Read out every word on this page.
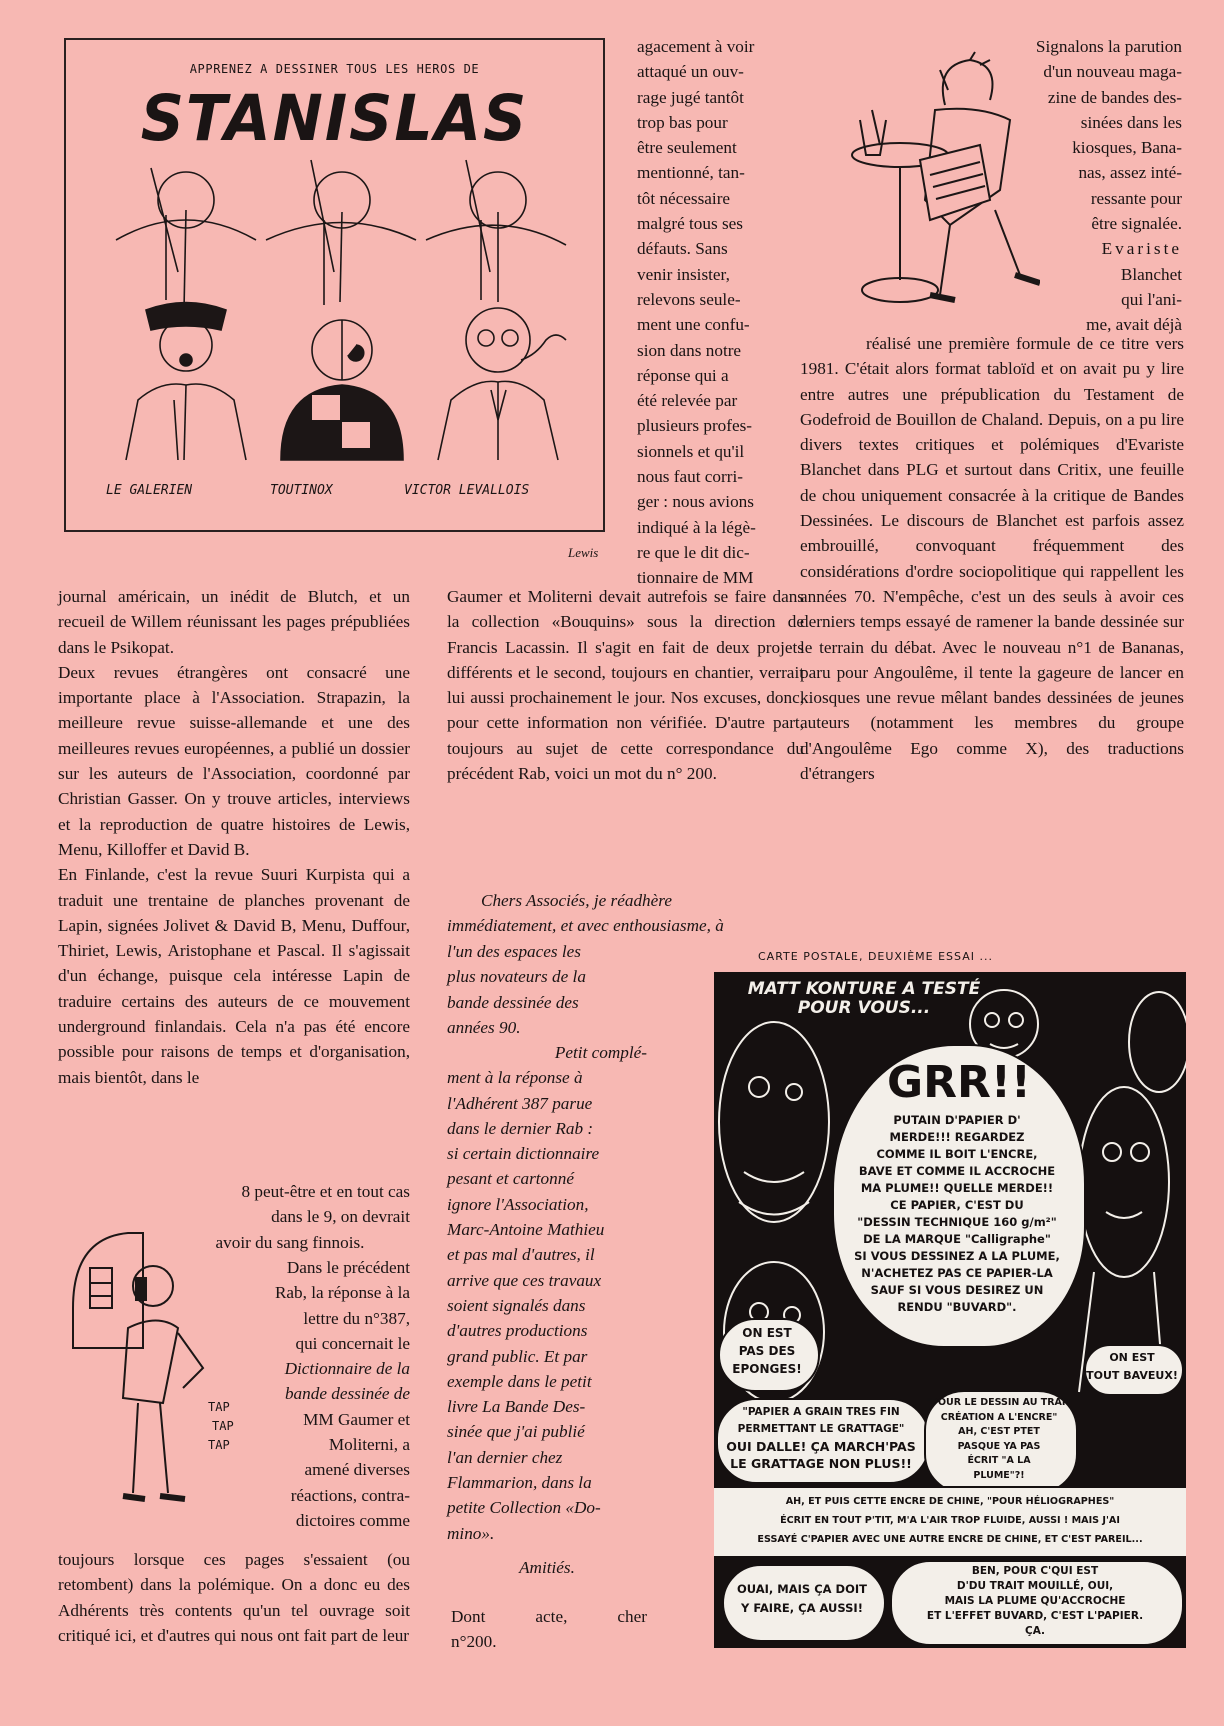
APPRENEZ A DESSINER TOUS LES HEROS DE
STANISLAS
LE GALERIEN	TOUTINOX	VICTOR LEVALLOIS
Lewis

agacement à voir

attaqué un ouv-

rage jugé tantôt

trop bas pour

être seulement

mentionné, tan-

tôt nécessaire

malgré tous ses

défauts. Sans

venir insister,

relevons seule-

ment une confu-

sion dans notre

réponse qui a

été relevée par

plusieurs profes-

sionnels et qu'il

nous faut corri-

ger : nous avions

indiqué à la légè-

re que le dit dic-

tionnaire de MM

Signalons la parution

d'un nouveau maga-

zine de bandes des-

sinées dans les

kiosques, Bana-

nas, assez inté-

ressante pour

être signalée.

Evariste

Blanchet

qui l'ani-

me, avait déjà

réalisé une première formule de ce titre vers 1981. C'était alors format tabloïd et on avait pu y lire entre autres une prépublication du Testament de Godefroid de Bouillon de Chaland. Depuis, on a pu lire divers textes critiques et polémiques d'Evariste Blanchet dans PLG et surtout dans Critix, une feuille de chou uniquement consacrée à la critique de Bandes Dessinées. Le discours de Blanchet est parfois assez embrouillé, convoquant fréquemment des considérations d'ordre sociopolitique qui rappellent les années 70. N'empêche, c'est un des seuls à avoir ces derniers temps essayé de ramener la bande dessinée sur le terrain du débat. Avec le nouveau n°1 de Bananas, paru pour Angoulême, il tente la gageure de lancer en kiosques une revue mêlant bandes dessinées de jeunes auteurs (notamment les membres du groupe d'Angoulême Ego comme X), des traductions d'étrangers

journal américain, un inédit de Blutch, et un recueil de Willem réunissant les pages prépubliées dans le Psikopat.

Deux revues étrangères ont consacré une importante place à l'Association. Strapazin, la meilleure revue suisse-allemande et une des meilleures revues européennes, a publié un dossier sur les auteurs de l'Association, coordonné par Christian Gasser. On y trouve articles, interviews et la reproduction de quatre histoires de Lewis, Menu, Killoffer et David B.

En Finlande, c'est la revue Suuri Kurpista qui a traduit une trentaine de planches provenant de Lapin, signées Jolivet & David B, Menu, Duffour, Thiriet, Lewis, Aristophane et Pascal. Il s'agissait d'un échange, puisque cela intéresse Lapin de traduire certains des auteurs de ce mouvement underground finlandais. Cela n'a pas été encore possible pour raisons de temps et d'organisation, mais bientôt, dans le

8 peut-être et en tout cas

dans le 9, on devrait

avoir du sang finnois.

TAP
TAP
TAP

Dans le précédent

Rab, la réponse à la

lettre du n°387,

qui concernait le

Dictionnaire de la

bande dessinée de

MM Gaumer et

Moliterni, a

amené diverses

réactions, contra-

dictoires comme

toujours lorsque ces pages s'essaient (ou retombent) dans la polémique. On a donc eu des Adhérents très contents qu'un tel ouvrage soit critiqué ici, et d'autres qui nous ont fait part de leur
Gaumer et Moliterni devait autrefois se faire dans la collection «Bouquins» sous la direction de Francis Lacassin. Il s'agit en fait de deux projets différents et le second, toujours en chantier, verrait lui aussi prochainement le jour. Nos excuses, donc, pour cette information non vérifiée. D'autre part, toujours au sujet de cette correspondance du précédent Rab, voici un mot du n° 200.

Chers Associés, je réadhère

immédiatement, et avec enthousiasme, à

l'un des espaces les

plus novateurs de la

bande dessinée des

années 90.

Petit complé-

ment à la réponse à

l'Adhérent 387 parue

dans le dernier Rab :

si certain dictionnaire

pesant et cartonné

ignore l'Association,

Marc-Antoine Mathieu

et pas mal d'autres, il

arrive que ces travaux

soient signalés dans

d'autres productions

grand public. Et par

exemple dans le petit

livre La Bande Des-

sinée que j'ai publié

l'an dernier chez

Flammarion, dans la

petite Collection «Do-

mino».

Amitiés.

Dont acte, cher

n°200.

CARTE POSTALE, DEUXIÈME ESSAI ...
MATT KONTURE A TESTÉ POUR VOUS...
GRR!!
PUTAIN D'PAPIER D'
MERDE!!! REGARDEZ
COMME IL BOIT L'ENCRE,
BAVE ET COMME IL ACCROCHE
MA PLUME!! QUELLE MERDE!!
CE PAPIER, C'EST DU
"DESSIN TECHNIQUE 160 g/m²"
DE LA MARQUE "Calligraphe"
SI VOUS DESSINEZ A LA PLUME,
N'ACHETEZ PAS CE PAPIER-LA
SAUF SI VOUS DESIREZ UN
RENDU "BUVARD".
ON EST
PAS DES
EPONGES!
ON EST
TOUT BAVEUX!
"PAPIER A GRAIN TRES FIN
PERMETTANT LE GRATTAGE"
OUI DALLE! ÇA MARCH'PAS
LE GRATTAGE NON PLUS!!
"POUR LE DESSIN AU TRAIT
CRÉATION A L'ENCRE"
AH, C'EST PTET
PASQUE YA PAS
ÉCRIT "A LA
PLUME"?!
AH, ET PUIS CETTE ENCRE DE CHINE, "POUR HÉLIOGRAPHES"
ÉCRIT EN TOUT P'TIT, M'A L'AIR TROP FLUIDE, AUSSI ! MAIS J'AI
ESSAYÉ C'PAPIER AVEC UNE AUTRE ENCRE DE CHINE, ET C'EST PAREIL...
OUAI, MAIS ÇA DOIT
Y FAIRE, ÇA AUSSI!
BEN, POUR C'QUI EST
D'DU TRAIT MOUILLÉ, OUI,
MAIS LA PLUME QU'ACCROCHE
ET L'EFFET BUVARD, C'EST L'PAPIER.
ÇA.
